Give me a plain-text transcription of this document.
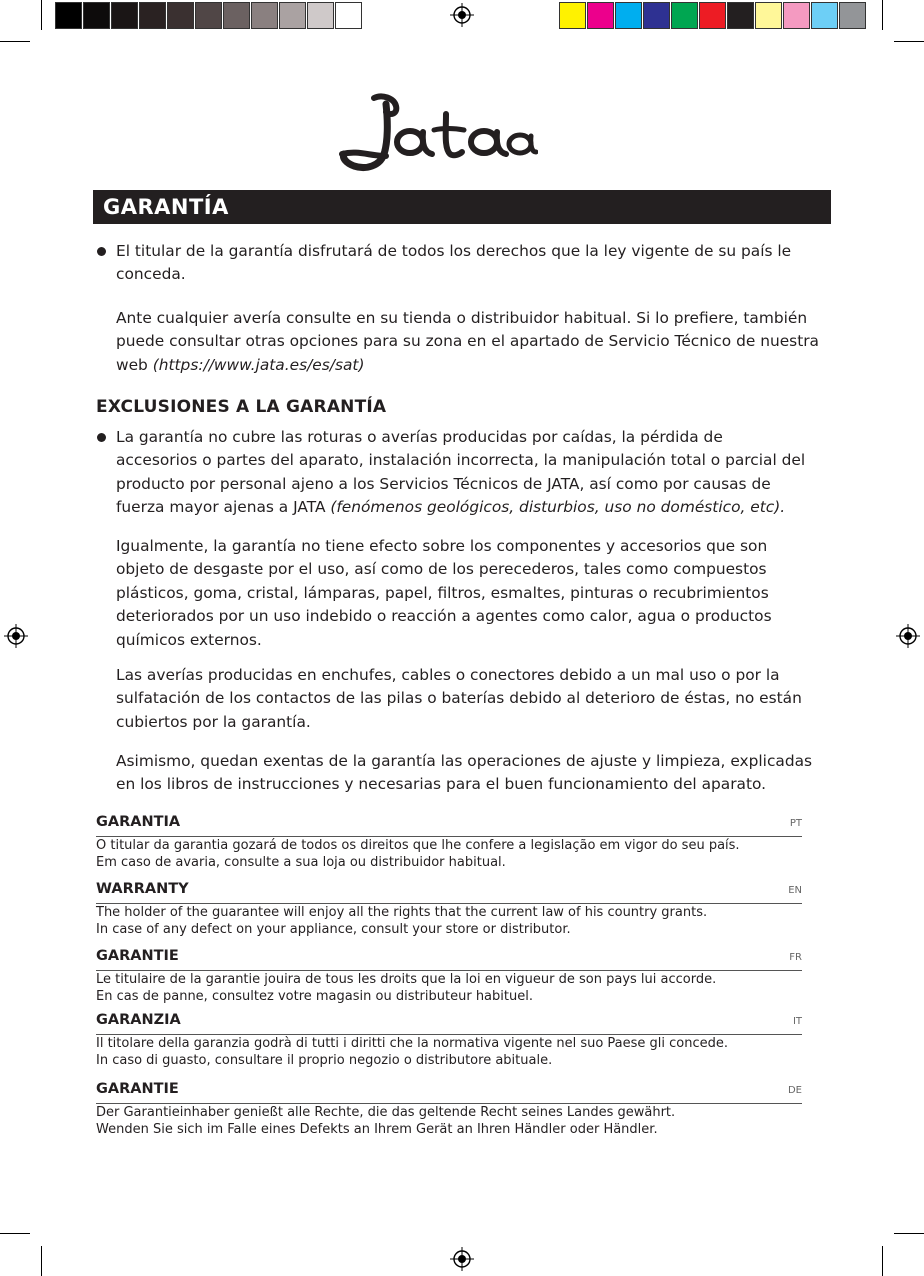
GARANTÍA
El titular de la garantía disfrutará de todos los derechos que la ley vigente de su país le
conceda.
Ante cualquier avería consulte en su tienda o distribuidor habitual. Si lo prefiere, también
puede consultar otras opciones para su zona en el apartado de Servicio Técnico de nuestra
web (https://www.jata.es/es/sat)
EXCLUSIONES A LA GARANTÍA
La garantía no cubre las roturas o averías producidas por caídas, la pérdida de
accesorios o partes del aparato, instalación incorrecta, la manipulación total o parcial del
producto por personal ajeno a los Servicios Técnicos de JATA, así como por causas de
fuerza mayor ajenas a JATA (fenómenos geológicos, disturbios, uso no doméstico, etc).
Igualmente, la garantía no tiene efecto sobre los componentes y accesorios que son
objeto de desgaste por el uso, así como de los perecederos, tales como compuestos
plásticos, goma, cristal, lámparas, papel, filtros, esmaltes, pinturas o recubrimientos
deteriorados por un uso indebido o reacción a agentes como calor, agua o productos
químicos externos.
Las averías producidas en enchufes, cables o conectores debido a un mal uso o por la
sulfatación de los contactos de las pilas o baterías debido al deterioro de éstas, no están
cubiertos por la garantía.
Asimismo, quedan exentas de la garantía las operaciones de ajuste y limpieza, explicadas
en los libros de instrucciones y necesarias para el buen funcionamiento del aparato.
GARANTIA	PT
O titular da garantia gozará de todos os direitos que lhe confere a legislação em vigor do seu país.
Em caso de avaria, consulte a sua loja ou distribuidor habitual.
WARRANTY	EN
The holder of the guarantee will enjoy all the rights that the current law of his country grants.
In case of any defect on your appliance, consult your store or distributor.
GARANTIE	FR
Le titulaire de la garantie jouira de tous les droits que la loi en vigueur de son pays lui accorde.
En cas de panne, consultez votre magasin ou distributeur habituel.
GARANZIA	IT
Il titolare della garanzia godrà di tutti i diritti che la normativa vigente nel suo Paese gli concede.
In caso di guasto, consultare il proprio negozio o distributore abituale.
GARANTIE	DE
Der Garantieinhaber genießt alle Rechte, die das geltende Recht seines Landes gewährt.
Wenden Sie sich im Falle eines Defekts an Ihrem Gerät an Ihren Händler oder Händler.
